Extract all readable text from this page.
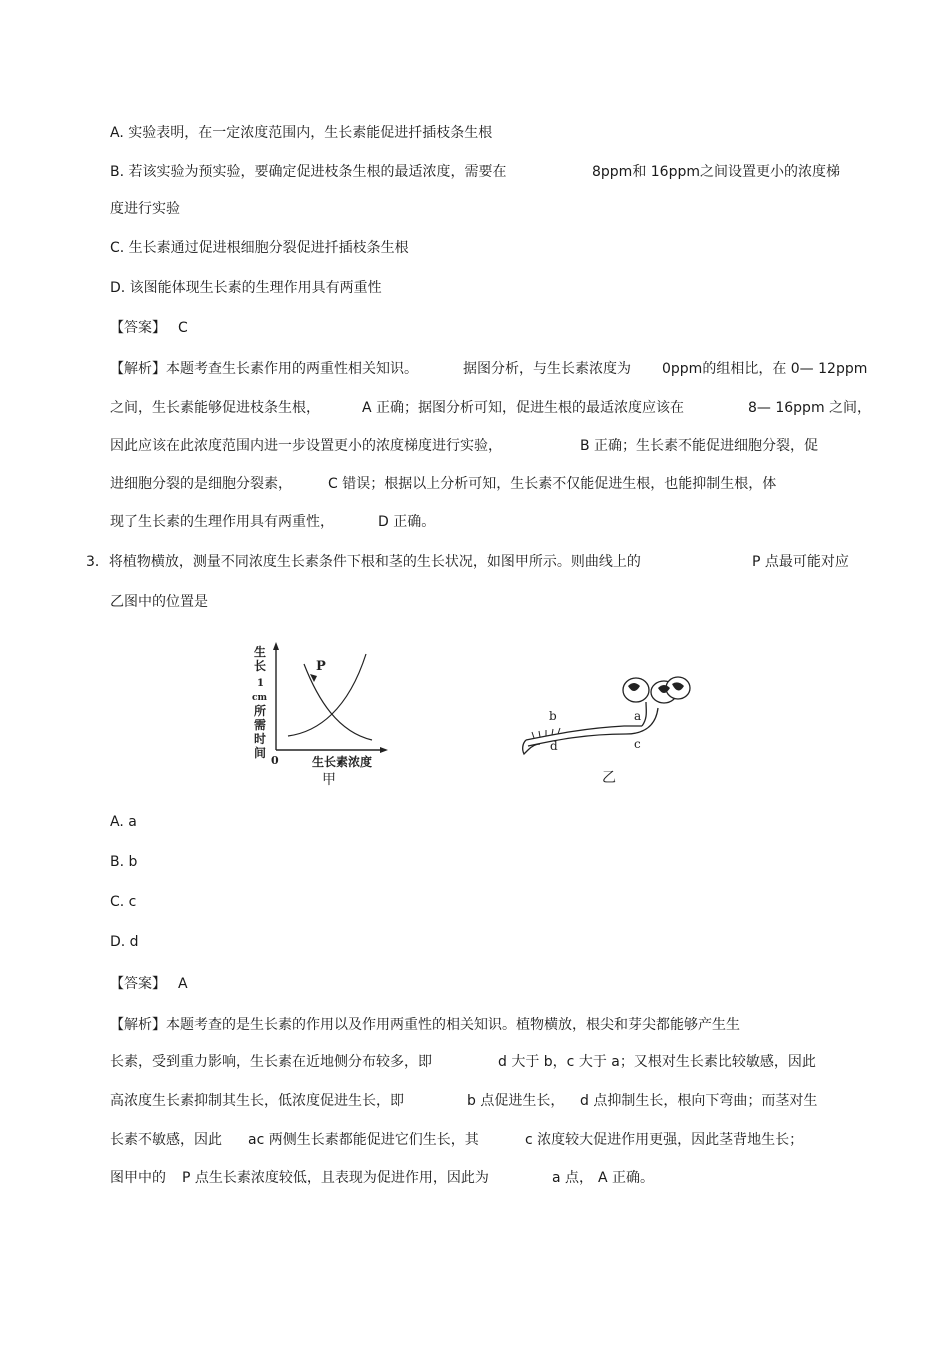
A. 实验表明，在一定浓度范围内，生长素能促进扦插枝条生根
B. 若该实验为预实验，要确定促进枝条生根的最适浓度，需要在	8ppm和 16ppm之间设置更小的浓度梯
度进行实验
C. 生长素通过促进根细胞分裂促进扦插枝条生根
D. 该图能体现生长素的生理作用具有两重性
【答案】 C
【解析】本题考查生长素作用的两重性相关知识。	据图分析，与生长素浓度为 0ppm的组相比，在 0— 12ppm
之间，生长素能够促进枝条生根，	A 正确；据图分析可知，促进生根的最适浓度应该在	8— 16ppm 之间，
因此应该在此浓度范围内进一步设置更小的浓度梯度进行实验，	B 正确；生长素不能促进细胞分裂，促
进细胞分裂的是细胞分裂素，	C 错误；根据以上分析可知，生长素不仅能促进生根，也能抑制生根，体
现了生长素的生理作用具有两重性，	D 正确。
3．将植物横放，测量不同浓度生长素条件下根和茎的生长状况，如图甲所示。则曲线上的	P 点最可能对应
乙图中的位置是
生
长
1
cm
所
需
时
间
P
0	生长素浓度
甲
a
b
c
d
乙
A. a
B. b
C. c
D. d
【答案】 A
【解析】本题考查的是生长素的作用以及作用两重性的相关知识。植物横放，根尖和芽尖都能够产生生
长素，受到重力影响，生长素在近地侧分布较多，即	d 大于 b，c 大于 a；又根对生长素比较敏感，因此
高浓度生长素抑制其生长，低浓度促进生长，即	b 点促进生长， d 点抑制生长，根向下弯曲；而茎对生
长素不敏感，因此 ac 两侧生长素都能促进它们生长，其	c 浓度较大促进作用更强，因此茎背地生长；
图甲中的 P 点生长素浓度较低，且表现为促进作用，因此为	a 点， A 正确。
